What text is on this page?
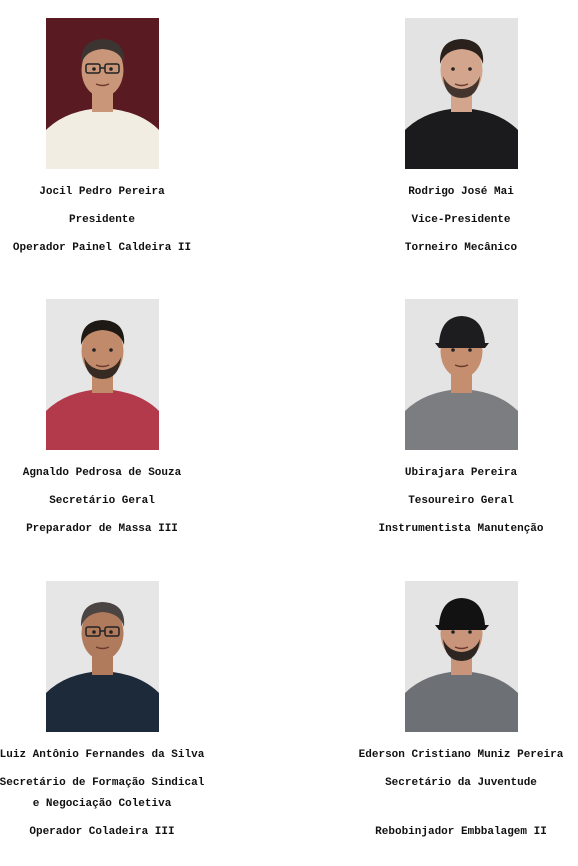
Jocil Pedro Pereira
Presidente
Operador Painel Caldeira II
Rodrigo José Mai
Vice-Presidente
Torneiro Mecânico
Agnaldo Pedrosa de Souza
Secretário Geral
Preparador de Massa III
Ubirajara Pereira
Tesoureiro Geral
Instrumentista Manutenção
Luiz Antônio Fernandes da Silva
Secretário de Formação Sindical
e Negociação Coletiva
Operador Coladeira III
Ederson Cristiano Muniz Pereira
Secretário da Juventude
Rebobinjador Embbalagem II
